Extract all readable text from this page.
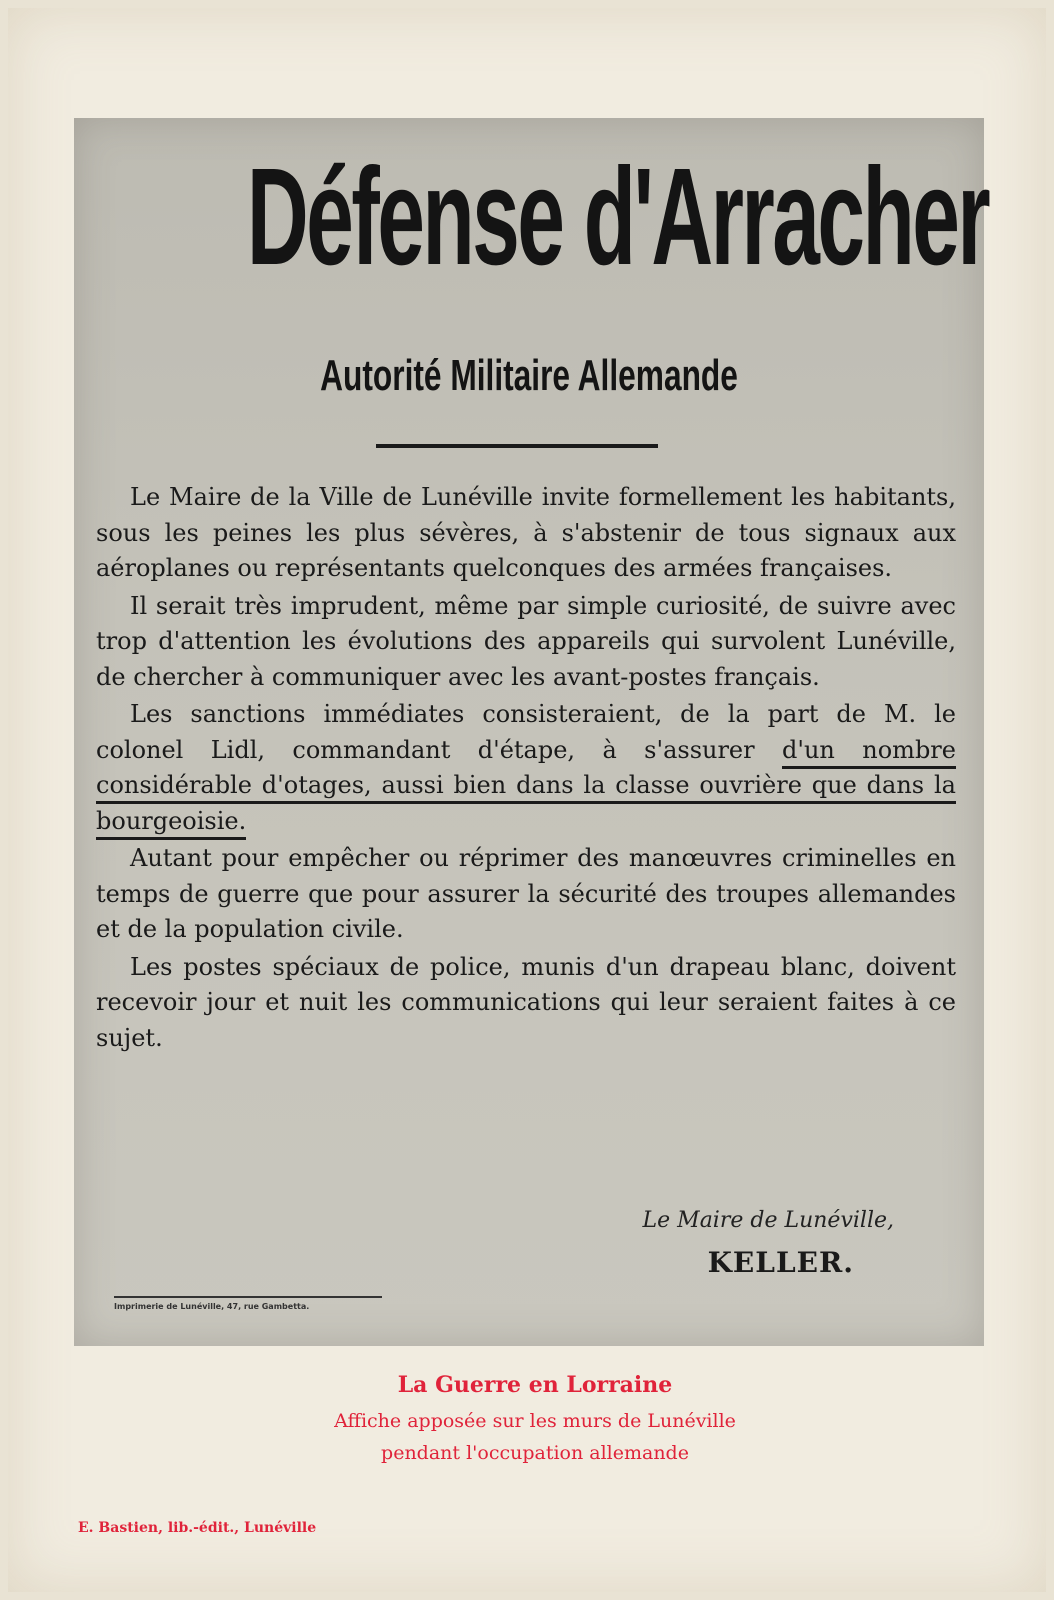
Défense d'Arracher
Autorité Militaire Allemande

Le Maire de la Ville de Lunéville invite formellement les habitants, sous les peines les plus sévères, à s'abstenir de tous signaux aux aéroplanes ou représentants quelconques des armées françaises.

Il serait très imprudent, même par simple curiosité, de suivre avec trop d'attention les évolutions des appareils qui survolent Lunéville, de chercher à communiquer avec les avant-postes français.

Les sanctions immédiates consisteraient, de la part de M. le colonel Lidl, commandant d'étape, à s'assurer d'un nombre considérable d'otages, aussi bien dans la classe ouvrière que dans la bourgeoisie.

Autant pour empêcher ou réprimer des manœuvres criminelles en temps de guerre que pour assurer la sécurité des troupes allemandes et de la population civile.

Les postes spéciaux de police, munis d'un drapeau blanc, doivent recevoir jour et nuit les communications qui leur seraient faites à ce sujet.

Le Maire de Lunéville,
KELLER.
Imprimerie de Lunéville, 47, rue Gambetta.
La Guerre en Lorraine
Affiche apposée sur les murs de Lunéville
pendant l'occupation allemande
E. Bastien, lib.-édit., Lunéville
